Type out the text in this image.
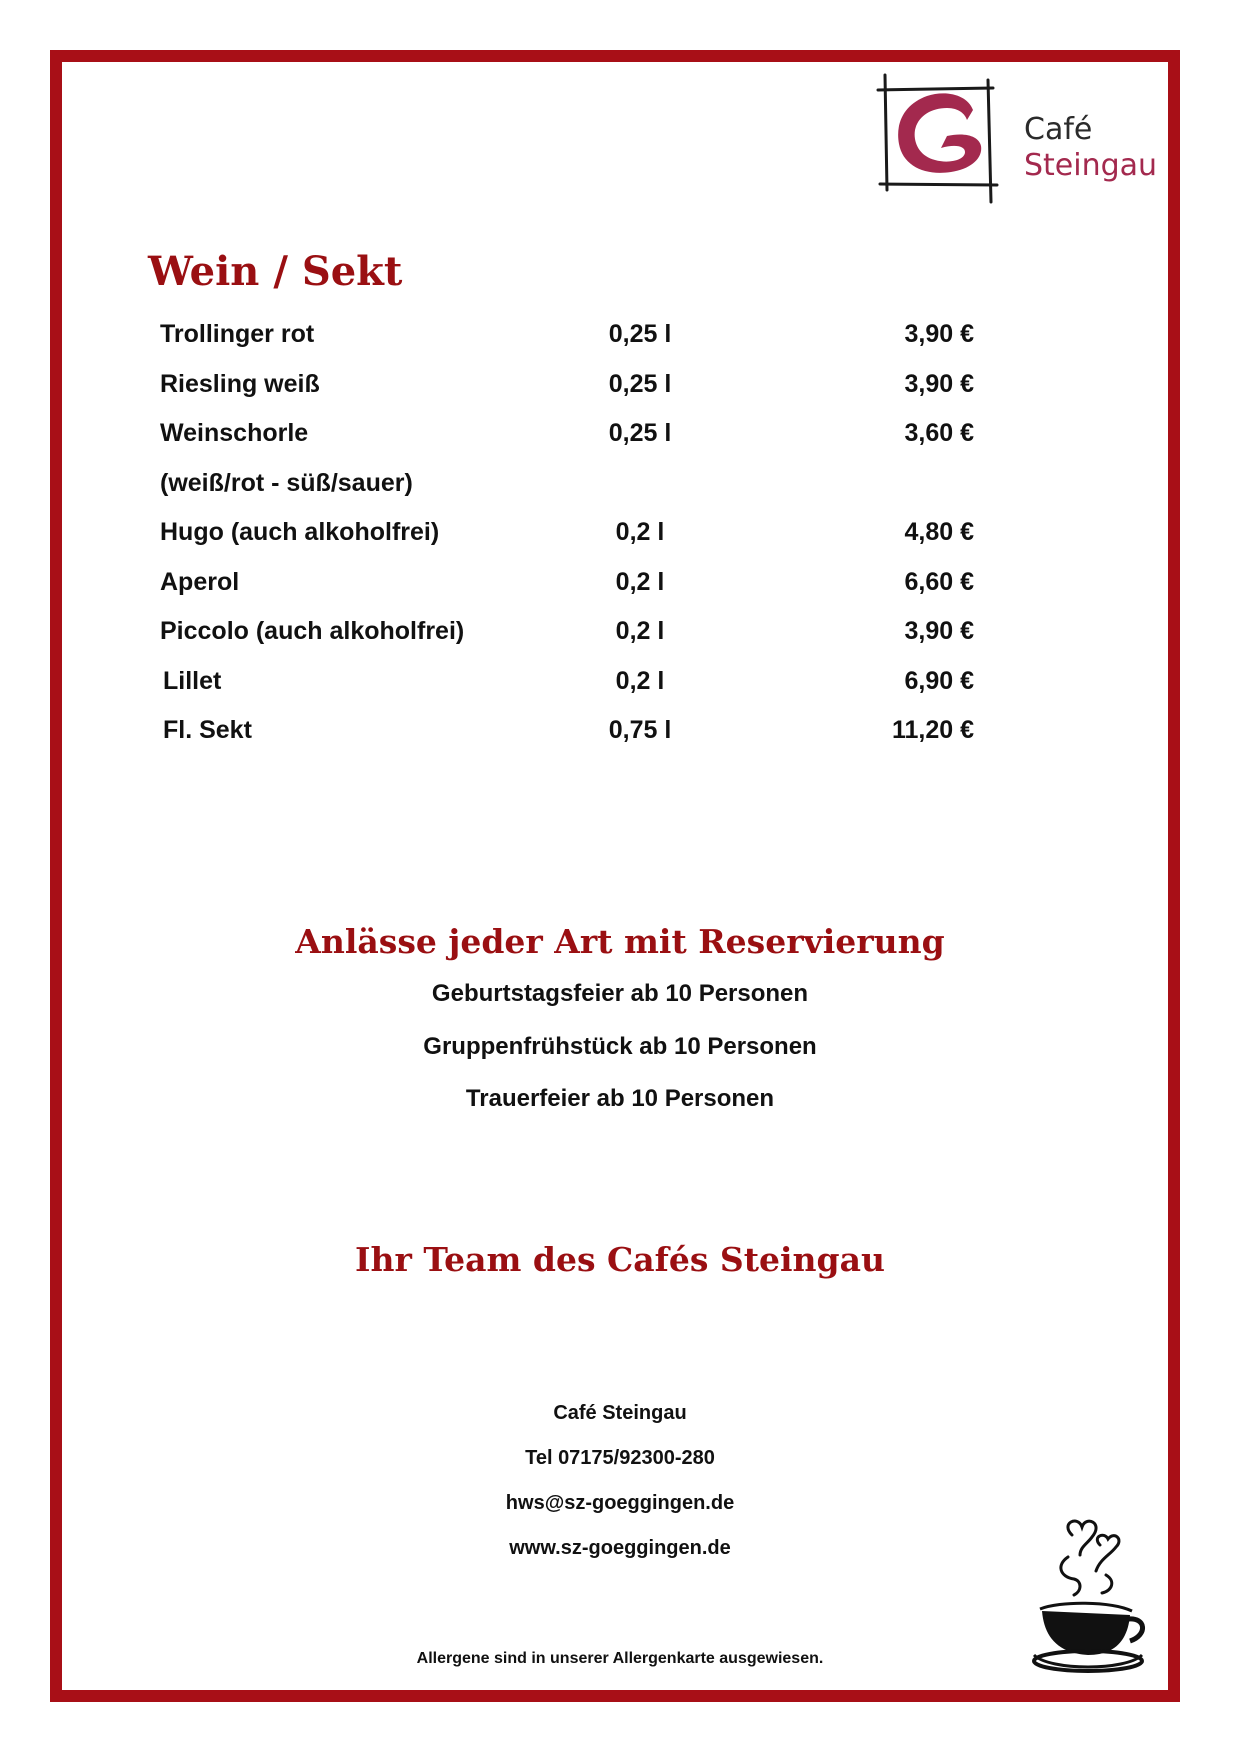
Café
Steingau
Wein / Sekt
Trollinger rot	0,25 l	3,90 €
Riesling weiß	0,25 l	3,90 €
Weinschorle	0,25 l	3,60 €
(weiß/rot - süß/sauer)
Hugo (auch alkoholfrei)	0,2 l	4,80 €
Aperol	0,2 l	6,60 €
Piccolo (auch alkoholfrei)	0,2 l	3,90 €
Lillet	0,2 l	6,90 €
Fl. Sekt	0,75 l	11,20 €
Anlässe jeder Art mit Reservierung
Geburtstagsfeier ab 10 Personen
Gruppenfrühstück ab 10 Personen
Trauerfeier ab 10 Personen
Ihr Team des Cafés Steingau
Café Steingau
Tel 07175/92300-280
hws@sz-goeggingen.de
www.sz-goeggingen.de
Allergene sind in unserer Allergenkarte ausgewiesen.
